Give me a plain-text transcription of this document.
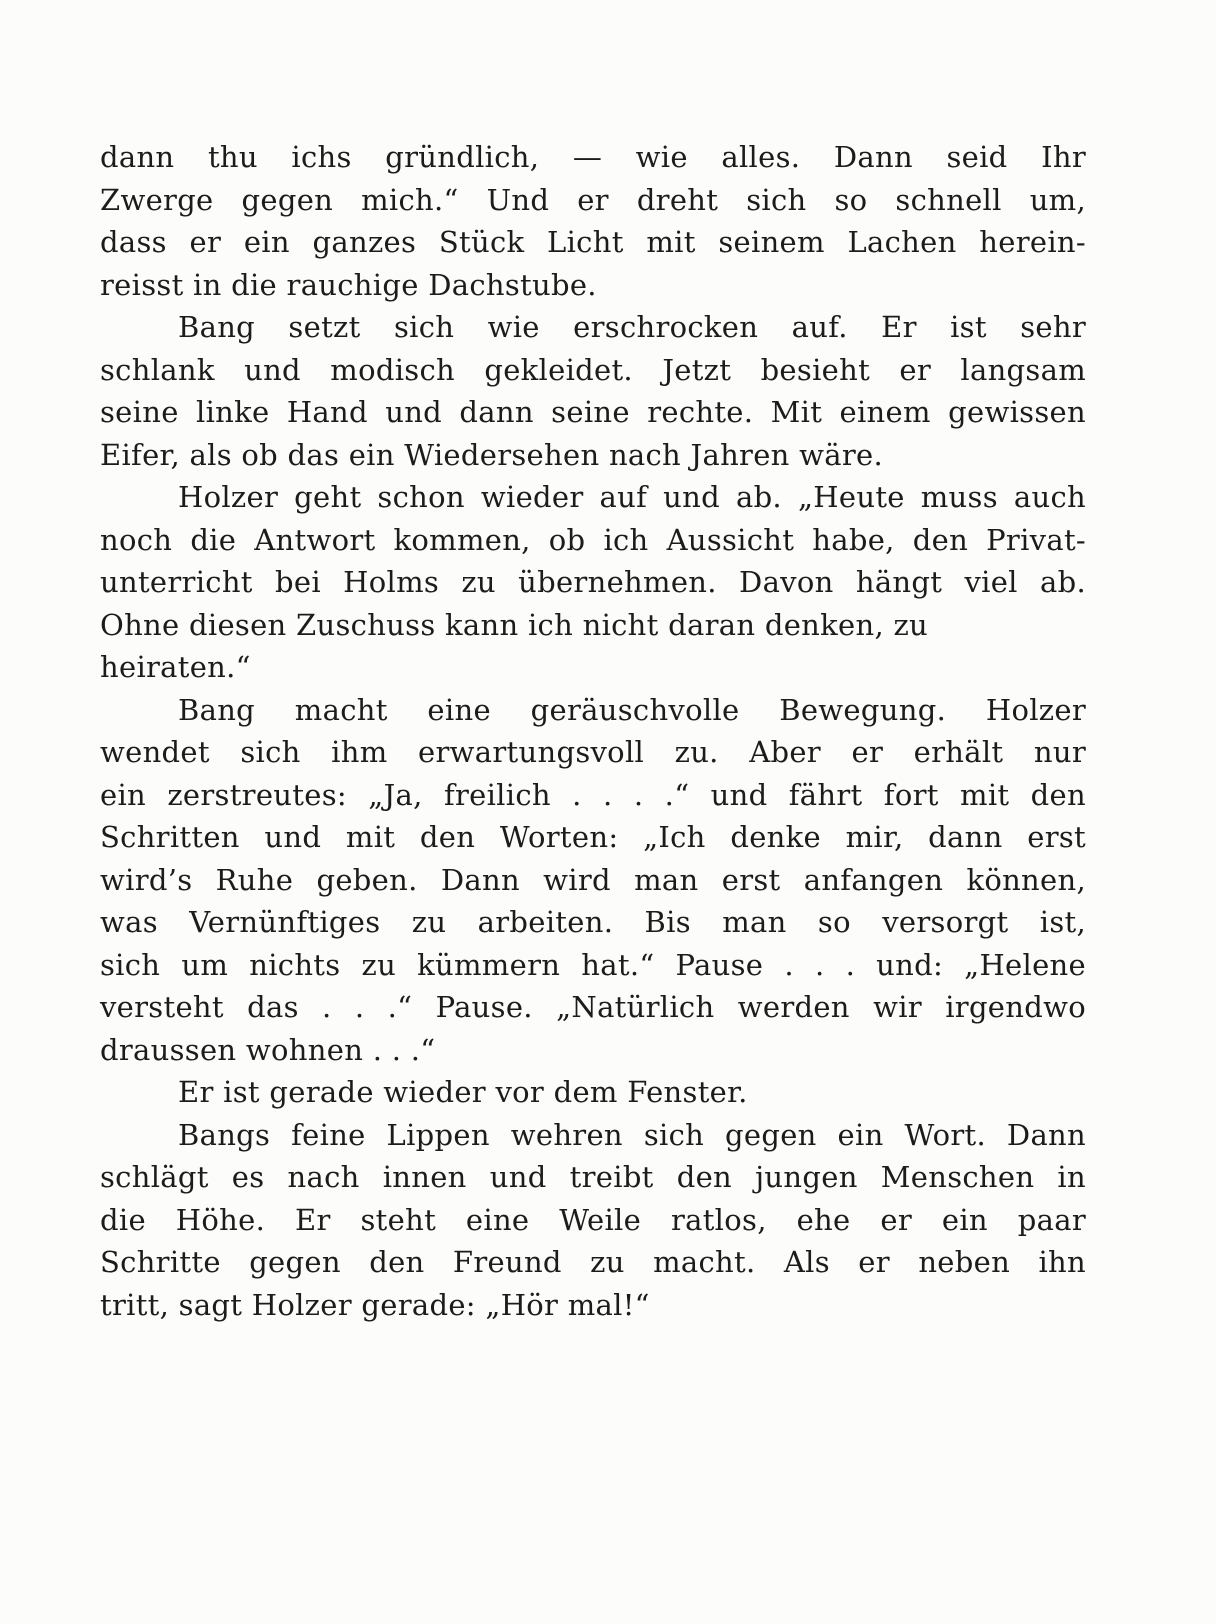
dann thu ichs gründlich, — wie alles. Dann seid Ihr
Zwerge gegen mich.“ Und er dreht sich so schnell um,
dass er ein ganzes Stück Licht mit seinem Lachen herein-
reisst in die rauchige Dachstube.
Bang setzt sich wie erschrocken auf. Er ist sehr
schlank und modisch gekleidet. Jetzt besieht er langsam
seine linke Hand und dann seine rechte. Mit einem gewissen
Eifer, als ob das ein Wiedersehen nach Jahren wäre.
Holzer geht schon wieder auf und ab. „Heute muss auch
noch die Antwort kommen, ob ich Aussicht habe, den Privat-
unterricht bei Holms zu übernehmen. Davon hängt viel ab.
Ohne diesen Zuschuss kann ich nicht daran denken, zu heiraten.“
Bang macht eine geräuschvolle Bewegung. Holzer
wendet sich ihm erwartungsvoll zu. Aber er erhält nur
ein zerstreutes: „Ja, freilich . . . .“ und fährt fort mit den
Schritten und mit den Worten: „Ich denke mir, dann erst
wird’s Ruhe geben. Dann wird man erst anfangen können,
was Vernünftiges zu arbeiten. Bis man so versorgt ist,
sich um nichts zu kümmern hat.“ Pause . . . und: „Helene
versteht das . . .“ Pause. „Natürlich werden wir irgendwo
draussen wohnen . . .“
Er ist gerade wieder vor dem Fenster.
Bangs feine Lippen wehren sich gegen ein Wort. Dann
schlägt es nach innen und treibt den jungen Menschen in
die Höhe. Er steht eine Weile ratlos, ehe er ein paar
Schritte gegen den Freund zu macht. Als er neben ihn
tritt, sagt Holzer gerade: „Hör mal!“
